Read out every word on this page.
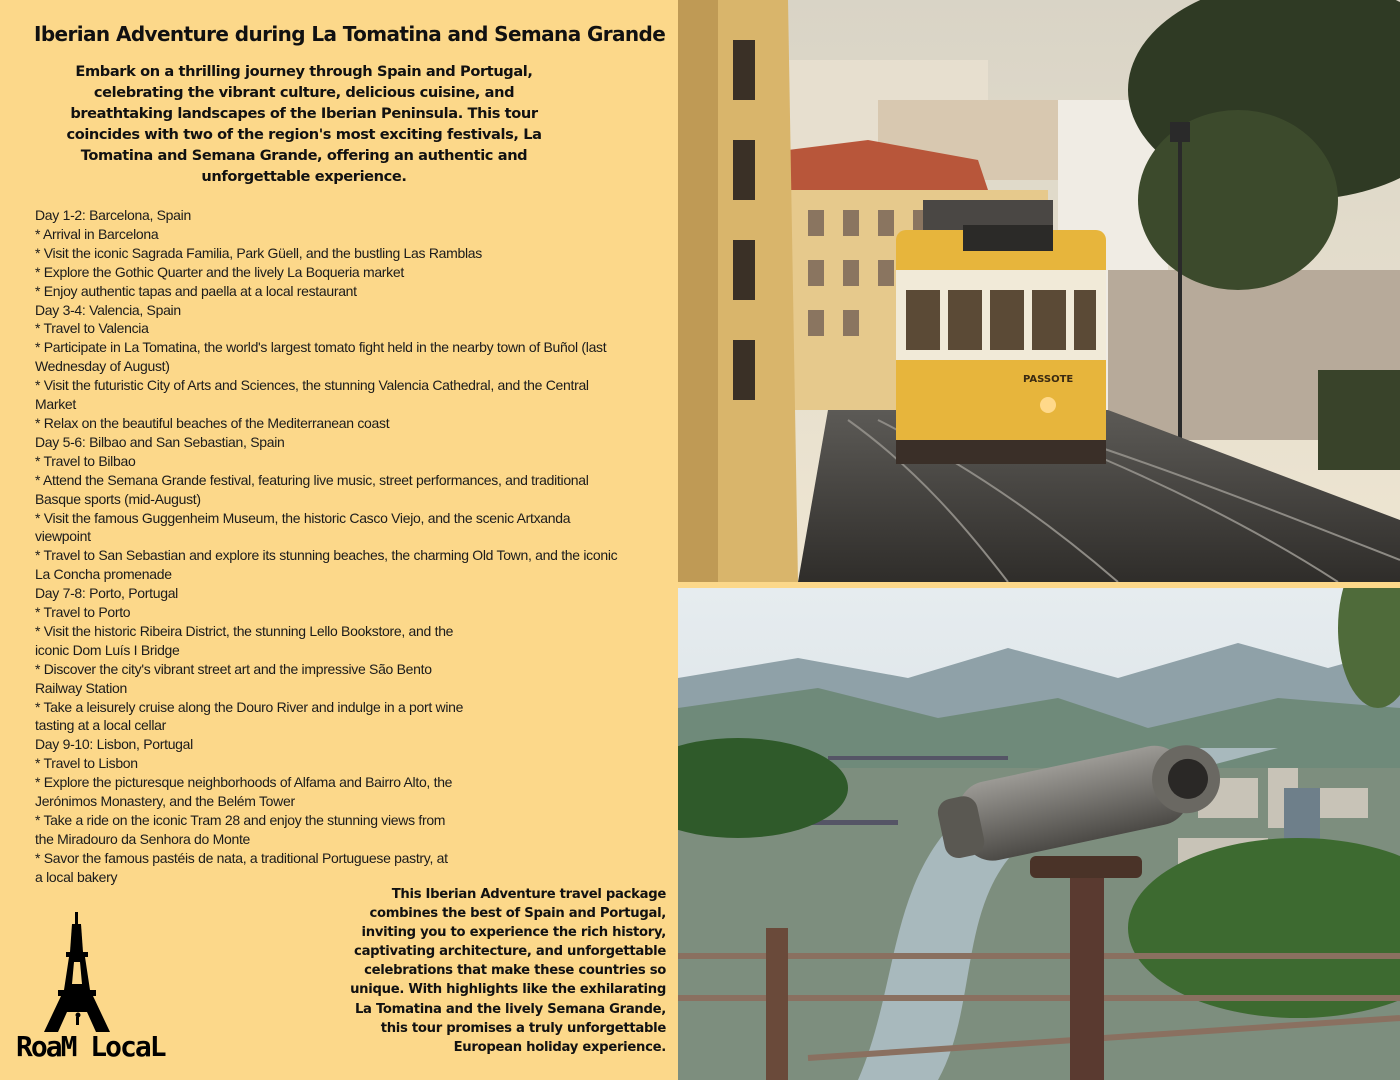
Iberian Adventure during La Tomatina and Semana Grande

Embark on a thrilling journey through Spain and Portugal, celebrating the vibrant culture, delicious cuisine, and breathtaking landscapes of the Iberian Peninsula. This tour coincides with two of the region's most exciting festivals, La Tomatina and Semana Grande, offering an authentic and unforgettable experience.

Day 1-2: Barcelona, Spain
* Arrival in Barcelona
* Visit the iconic Sagrada Familia, Park Güell, and the bustling Las Ramblas
* Explore the Gothic Quarter and the lively La Boqueria market
* Enjoy authentic tapas and paella at a local restaurant
Day 3-4: Valencia, Spain
* Travel to Valencia
* Participate in La Tomatina, the world's largest tomato fight held in the nearby town of Buñol (last
Wednesday of August)
* Visit the futuristic City of Arts and Sciences, the stunning Valencia Cathedral, and the Central
Market
* Relax on the beautiful beaches of the Mediterranean coast
Day 5-6: Bilbao and San Sebastian, Spain
* Travel to Bilbao
* Attend the Semana Grande festival, featuring live music, street performances, and traditional
Basque sports (mid-August)
* Visit the famous Guggenheim Museum, the historic Casco Viejo, and the scenic Artxanda
viewpoint
* Travel to San Sebastian and explore its stunning beaches, the charming Old Town, and the iconic
La Concha promenade
Day 7-8: Porto, Portugal
* Travel to Porto
* Visit the historic Ribeira District, the stunning Lello Bookstore, and the
iconic Dom Luís I Bridge
* Discover the city's vibrant street art and the impressive São Bento
Railway Station
* Take a leisurely cruise along the Douro River and indulge in a port wine
tasting at a local cellar
Day 9-10: Lisbon, Portugal
* Travel to Lisbon
* Explore the picturesque neighborhoods of Alfama and Bairro Alto, the
Jerónimos Monastery, and the Belém Tower
* Take a ride on the iconic Tram 28 and enjoy the stunning views from
the Miradouro da Senhora do Monte
* Savor the famous pastéis de nata, a traditional Portuguese pastry, at
a local bakery

This Iberian Adventure travel package combines the best of Spain and Portugal, inviting you to experience the rich history, captivating architecture, and unforgettable celebrations that make these countries so unique. With highlights like the exhilarating La Tomatina and the lively Semana Grande, this tour promises a truly unforgettable European holiday experience.

RoaM LocaL

PASSOTE
